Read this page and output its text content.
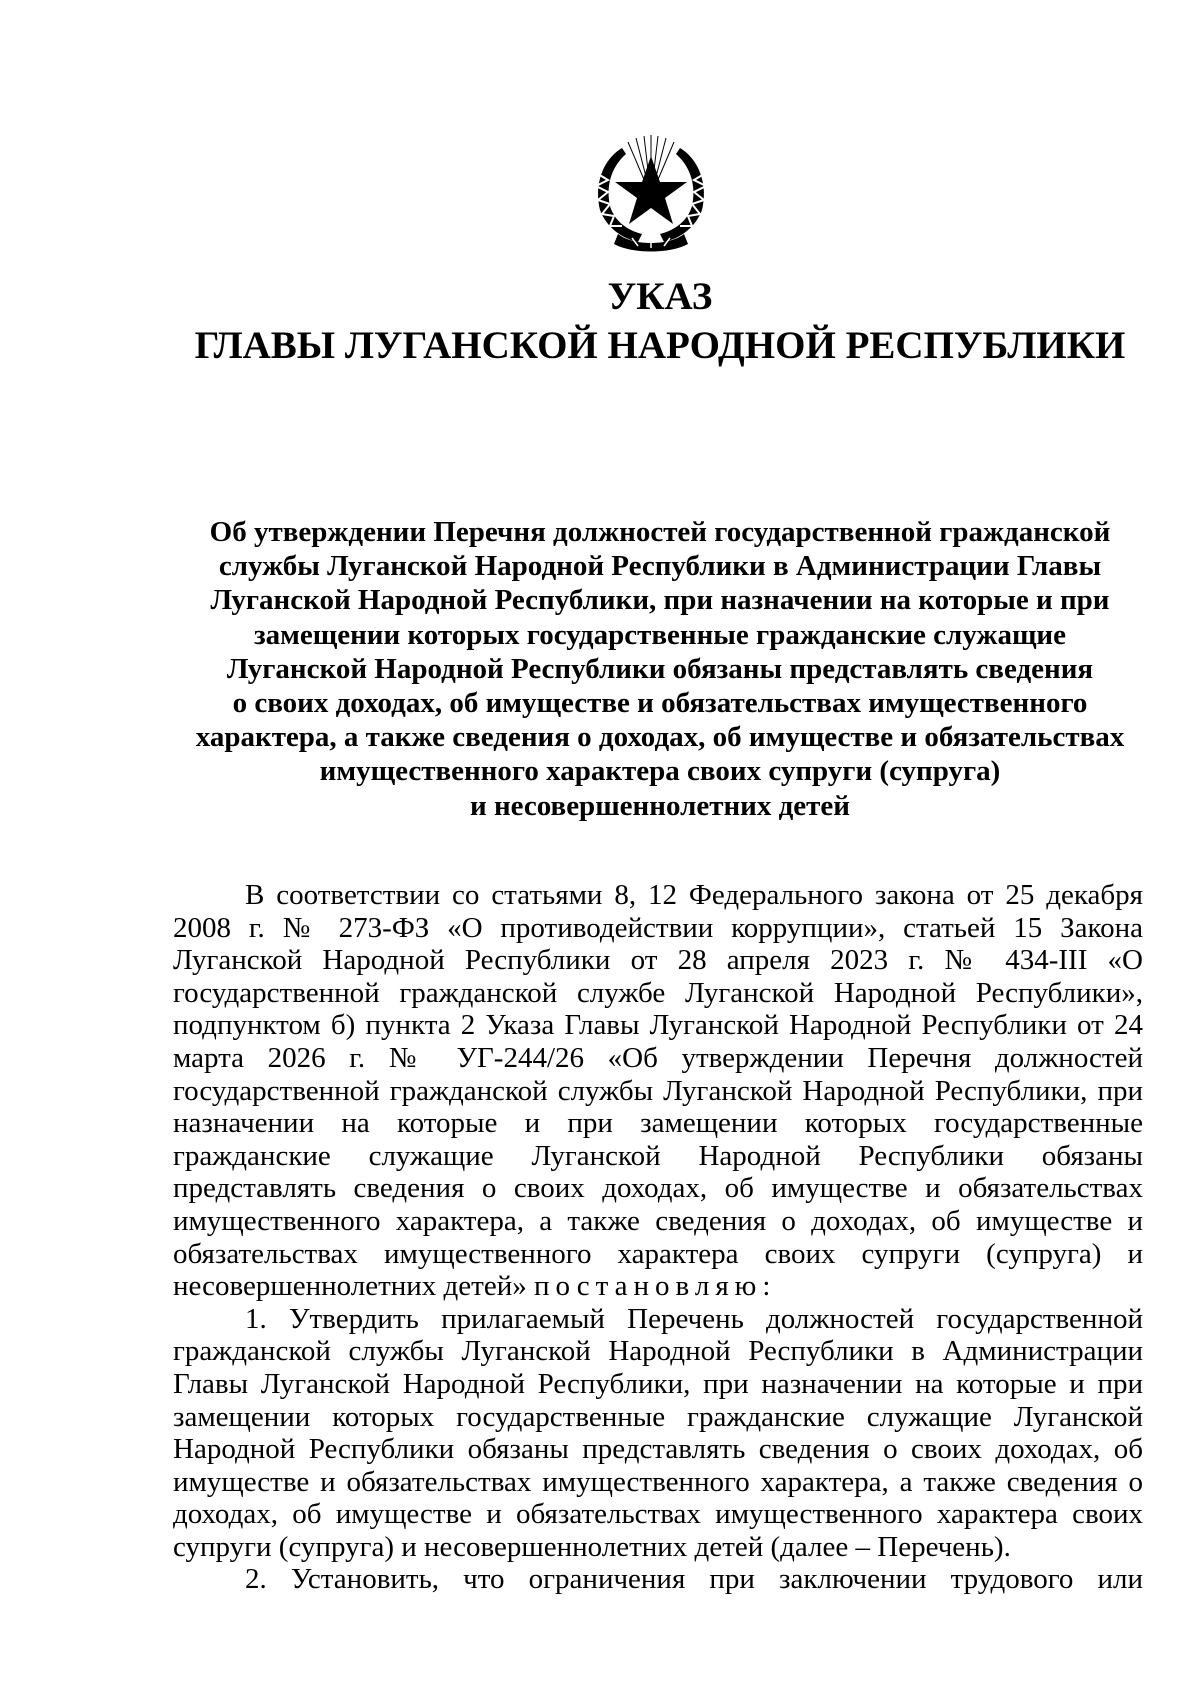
УКАЗ
ГЛАВЫ ЛУГАНСКОЙ НАРОДНОЙ РЕСПУБЛИКИ
Об утверждении Перечня должностей государственной гражданской
службы Луганской Народной Республики в Администрации Главы
Луганской Народной Республики, при назначении на которые и при
замещении которых государственные гражданские служащие
Луганской Народной Республики обязаны представлять сведения
о своих доходах, об имуществе и обязательствах имущественного
характера, а также сведения о доходах, об имуществе и обязательствах
имущественного характера своих супруги (супруга)
и несовершеннолетних детей

В соответствии со статьями 8, 12 Федерального закона от 25 декабря 2008 г. № 273-ФЗ «О противодействии коррупции», статьей 15 Закона Луганской Народной Республики от 28 апреля 2023 г. № 434-III «О государственной гражданской службе Луганской Народной Республики», подпунктом б) пункта 2 Указа Главы Луганской Народной Республики от 24 марта 2026 г. № УГ-244/26 «Об утверждении Перечня должностей государственной гражданской службы Луганской Народной Республики, при назначении на которые и при замещении которых государственные гражданские служащие Луганской Народной Республики обязаны представлять сведения о своих доходах, об имуществе и обязательствах имущественного характера, а также сведения о доходах, об имуществе и обязательствах имущественного характера своих супруги (супруга) и несовершеннолетних детей» постановляю:

1. Утвердить прилагаемый Перечень должностей государственной гражданской службы Луганской Народной Республики в Администрации Главы Луганской Народной Республики, при назначении на которые и при замещении которых государственные гражданские служащие Луганской Народной Республики обязаны представлять сведения о своих доходах, об имуществе и обязательствах имущественного характера, а также сведения о доходах, об имуществе и обязательствах имущественного характера своих супруги (супруга) и несовершеннолетних детей (далее – Перечень).

2. Установить, что ограничения при заключении трудового или
